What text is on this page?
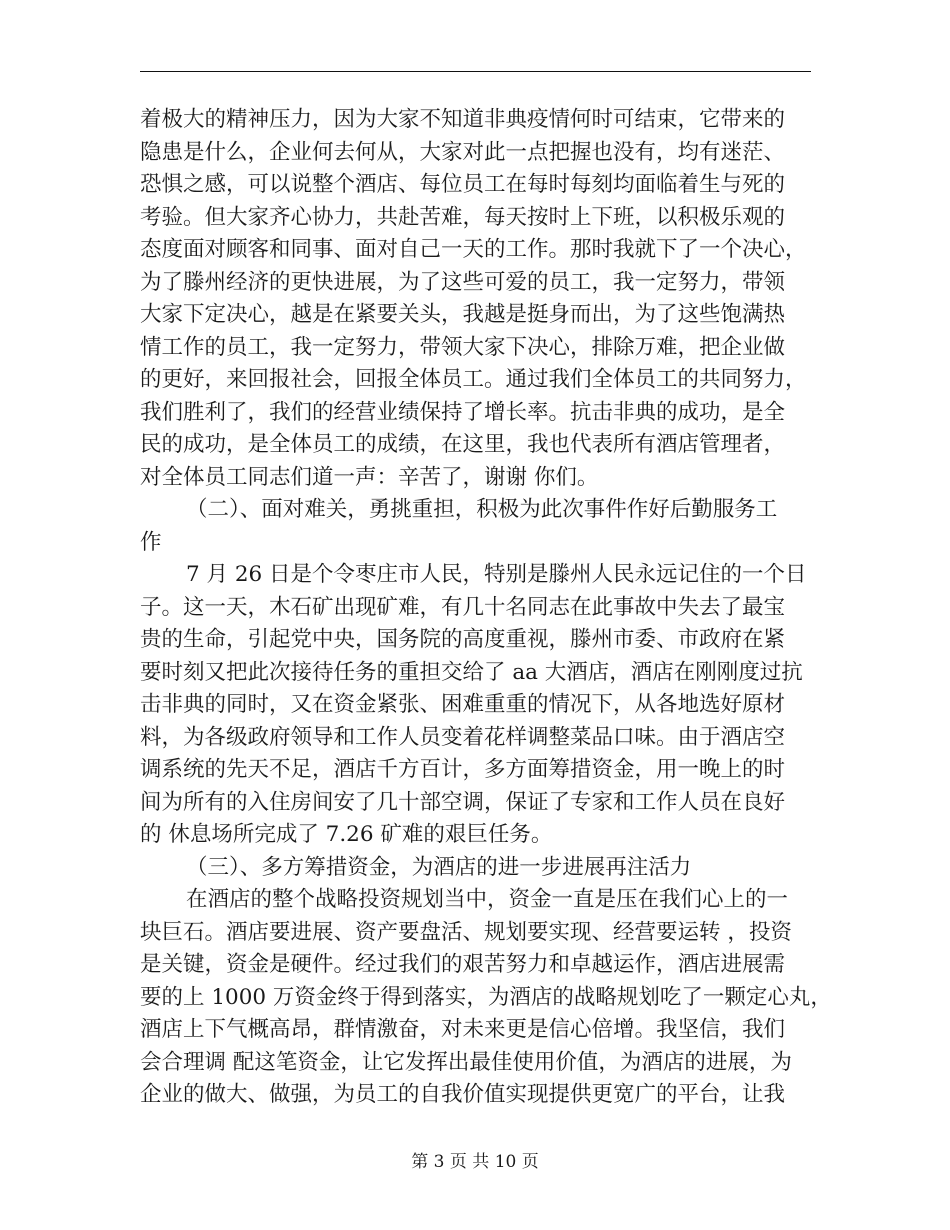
着极大的精神压力，因为大家不知道非典疫情何时可结束，它带来的
隐患是什么，企业何去何从，大家对此一点把握也没有，均有迷茫、
恐惧之感，可以说整个酒店、每位员工在每时每刻均面临着生与死的
考验。但大家齐心协力，共赴苦难，每天按时上下班，以积极乐观的
态度面对顾客和同事、面对自己一天的工作。那时我就下了一个决心，
为了滕州经济的更快进展，为了这些可爱的员工，我一定努力，带领
大家下定决心，越是在紧要关头，我越是挺身而出，为了这些饱满热
情工作的员工，我一定努力，带领大家下决心，排除万难，把企业做
的更好，来回报社会，回报全体员工。通过我们全体员工的共同努力，
我们胜利了，我们的经营业绩保持了增长率。抗击非典的成功，是全
民的成功，是全体员工的成绩，在这里，我也代表所有酒店管理者，
对全体员工同志们道一声：辛苦了，谢谢 你们。
（二）、面对难关，勇挑重担，积极为此次事件作好后勤服务工
作
7 月 26 日是个令枣庄市人民，特别是滕州人民永远记住的一个日
子。这一天，木石矿出现矿难，有几十名同志在此事故中失去了最宝
贵的生命，引起党中央，国务院的高度重视，滕州市委、市政府在紧
要时刻又把此次接待任务的重担交给了 aa 大酒店，酒店在刚刚度过抗
击非典的同时，又在资金紧张、困难重重的情况下，从各地选好原材
料，为各级政府领导和工作人员变着花样调整菜品口味。由于酒店空
调系统的先天不足，酒店千方百计，多方面筹措资金，用一晚上的时
间为所有的入住房间安了几十部空调，保证了专家和工作人员在良好
的 休息场所完成了 7.26 矿难的艰巨任务。
（三）、多方筹措资金，为酒店的进一步进展再注活力
在酒店的整个战略投资规划当中，资金一直是压在我们心上的一
块巨石。酒店要进展、资产要盘活、规划要实现、经营要运转 ，投资
是关键，资金是硬件。经过我们的艰苦努力和卓越运作，酒店进展需
要的上 1000 万资金终于得到落实，为酒店的战略规划吃了一颗定心丸，
酒店上下气概高昂，群情激奋，对未来更是信心倍增。我坚信，我们
会合理调 配这笔资金，让它发挥出最佳使用价值，为酒店的进展，为
企业的做大、做强，为员工的自我价值实现提供更宽广的平台，让我
第 3 页 共 10 页
